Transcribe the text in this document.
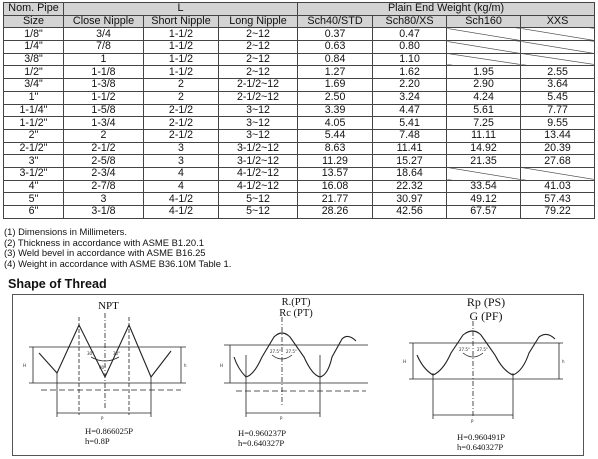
Nom. Pipe	L			Plain End Weight (kg/m)			
Size	Close Nipple	Short Nipple	Long Nipple	Sch40/STD	Sch80/XS	Sch160	XXS
1/8"	3/4	1-1/2	2~12	0.37	0.47		
1/4"	7/8	1-1/2	2~12	0.63	0.80		
3/8"	1	1-1/2	2~12	0.84	1.10		
1/2"	1-1/8	1-1/2	2~12	1.27	1.62	1.95	2.55
3/4"	1-3/8	2	2-1/2~12	1.69	2.20	2.90	3.64
1"	1-1/2	2	2-1/2~12	2.50	3.24	4.24	5.45
1-1/4"	1-5/8	2-1/2	3~12	3.39	4.47	5.61	7.77
1-1/2"	1-3/4	2-1/2	3~12	4.05	5.41	7.25	9.55
2"	2	2-1/2	3~12	5.44	7.48	11.11	13.44
2-1/2"	2-1/2	3	3-1/2~12	8.63	11.41	14.92	20.39
3"	2-5/8	3	3-1/2~12	11.29	15.27	21.35	27.68
3-1/2"	2-3/4	4	4-1/2~12	13.57	18.64		
4"	2-7/8	4	4-1/2~12	16.08	22.32	33.54	41.03
5"	3	4-1/2	5~12	21.77	30.97	49.12	57.43
6"	3-1/8	4-1/2	5~12	28.26	42.56	67.57	79.22
(1) Dimensions in Millimeters.
(2) Thickness in accordance with ASME B1.20.1
(3) Weld bevel in accordance with ASME B16.25
(4) Weight in accordance with ASME B36.10M Table 1.
Shape of Thread
NPT
30°	30°
90°
P
H	h
H=0.866025P
h=0.8P
R.(PT)
Rc (PT)
27.5° 27.5°
P
H
H=0.960237P
h=0.640327P
Rp (PS)
G (PF)
27.5° 27.5°
P
H	h
H=0.960491P
h=0.640327P
